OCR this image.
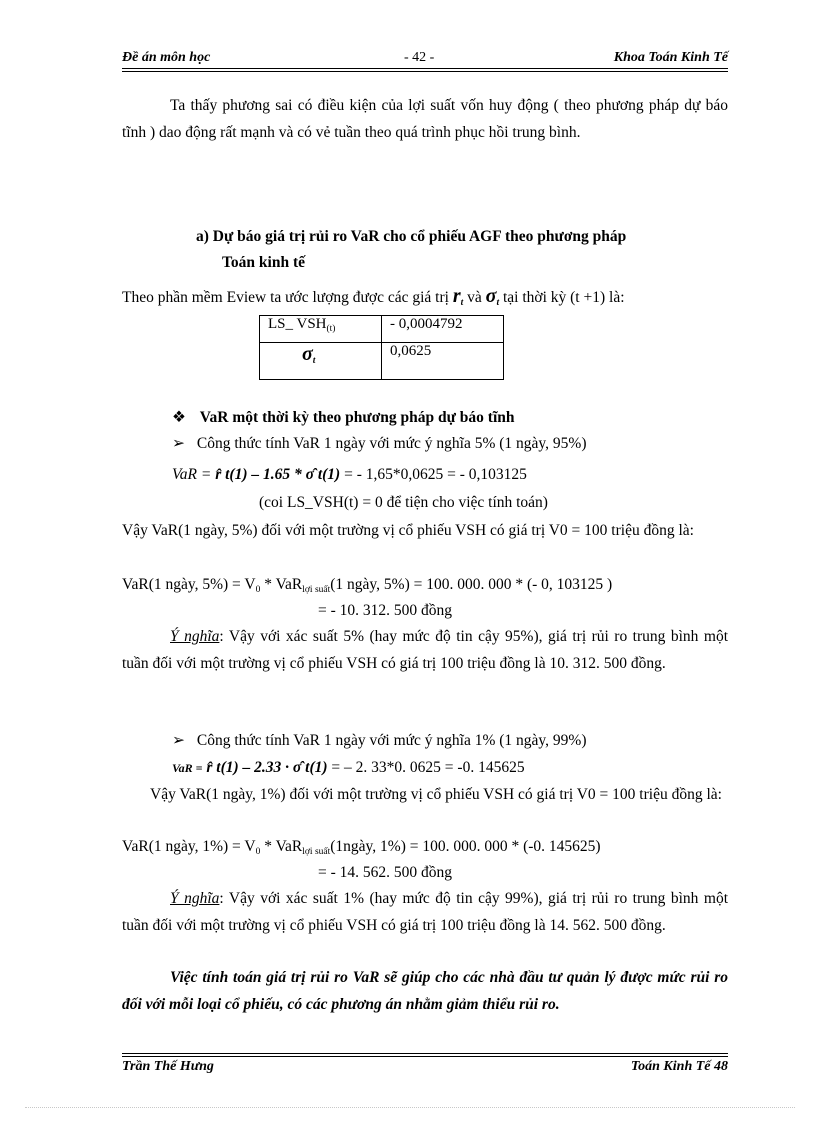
Đề án môn học	- 42 -	Khoa Toán Kinh Tế
Ta thấy phương sai có điều kiện của lợi suất vốn huy động ( theo phương pháp dự báo tĩnh ) dao động rất mạnh và có vẻ tuần theo quá trình phục hồi trung bình.
a) Dự báo giá trị rủi ro VaR cho cổ phiếu AGF theo phương pháp
Toán kinh tế
Theo phần mềm Eview ta ước lượng được các giá trị $r_t$ và $\sigma_t$ tại thời kỳ (t +1) là:
LS_ $VSH_{(t)}$	- 0,0004792
$\sigma_t$	0,0625
❖ VaR một thời kỳ theo phương pháp dự báo tĩnh
➢ Công thức tính VaR 1 ngày với mức ý nghĩa 5% (1 ngày, 95%)
VaR = r̂ t(1) – 1.65 * σ̂ t(1) = - 1,65*0,0625 = - 0,103125
(coi LS_VSH(t) = 0 để tiện cho việc tính toán)
Vậy VaR(1 ngày, 5%) đối với một trường vị cổ phiếu VSH có giá trị V0 = 100 triệu đồng là:
VaR(1 ngày, $5\%) = V_0 * VaR_{lợi suất}(1$ ngày, 5%) = 100. 000. 000 * (- 0, 103125 )
= - 10. 312. 500 đồng
Ý nghĩa: Vậy với xác suất 5% (hay mức độ tin cậy 95%), giá trị rủi ro trung bình một tuần đối với một trường vị cổ phiếu VSH có giá trị 100 triệu đồng là 10. 312. 500 đồng.
➢ Công thức tính VaR 1 ngày với mức ý nghĩa 1% (1 ngày, 99%)
VaR = r̂ t(1) – 2.33 · σ̂ t(1) = – 2. 33*0. 0625 = -0. 145625
Vậy VaR(1 ngày, 1%) đối với một trường vị cổ phiếu VSH có giá trị V0 = 100 triệu đồng là:
VaR(1 ngày, $1\%) = V_0$ * VaR$_{lợi suất}$(1ngày, 1%) = 100. 000. 000 * (-0. 145625)
= - 14. 562. 500 đồng
Ý nghĩa: Vậy với xác suất 1% (hay mức độ tin cậy 99%), giá trị rủi ro trung bình một tuần đối với một trường vị cổ phiếu VSH có giá trị 100 triệu đồng là 14. 562. 500 đồng.
Việc tính toán giá trị rủi ro VaR sẽ giúp cho các nhà đầu tư quản lý được mức rủi ro đối với mỗi loại cổ phiếu, có các phương án nhằm giảm thiểu rủi ro.
Trần Thế Hưng	Toán Kinh Tế 48
